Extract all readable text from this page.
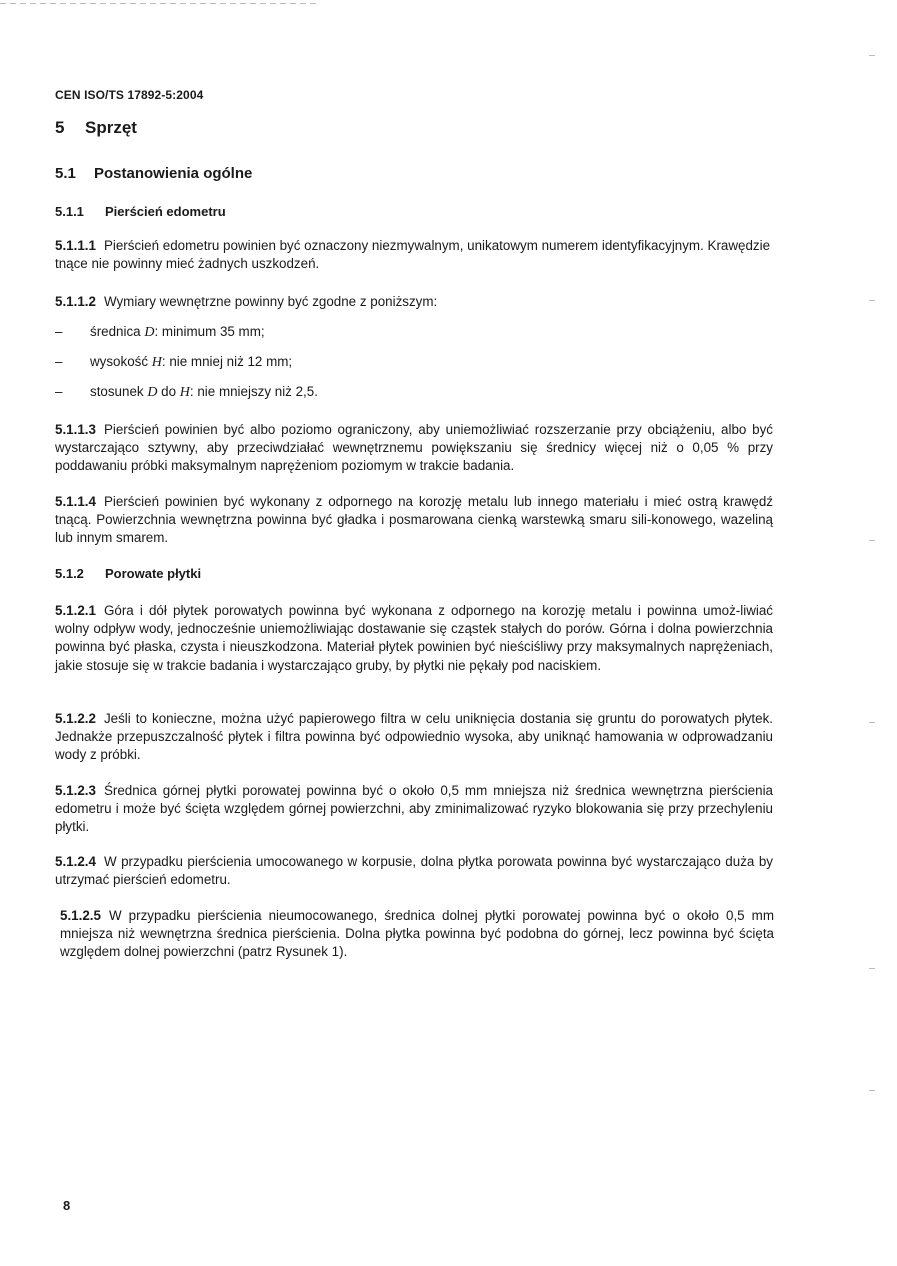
CEN ISO/TS 17892-5:2004
5 Sprzęt
5.1 Postanowienia ogólne
5.1.1 Pierścień edometru
5.1.1.1 Pierścień edometru powinien być oznaczony niezmywalnym, unikatowym numerem identyfikacyjnym. Krawędzie tnące nie powinny mieć żadnych uszkodzeń.
5.1.1.2 Wymiary wewnętrzne powinny być zgodne z poniższym:
– średnica D: minimum 35 mm;
– wysokość H: nie mniej niż 12 mm;
– stosunek D do H: nie mniejszy niż 2,5.
5.1.1.3 Pierścień powinien być albo poziomo ograniczony, aby uniemożliwiać rozszerzanie przy obciążeniu, albo być wystarczająco sztywny, aby przeciwdziałać wewnętrznemu powiększaniu się średnicy więcej niż o 0,05 % przy poddawaniu próbki maksymalnym naprężeniom poziomym w trakcie badania.
5.1.1.4 Pierścień powinien być wykonany z odpornego na korozję metalu lub innego materiału i mieć ostrą krawędź tnącą. Powierzchnia wewnętrzna powinna być gładka i posmarowana cienką warstewką smaru sili-konowego, wazeliną lub innym smarem.
5.1.2 Porowate płytki
5.1.2.1 Góra i dół płytek porowatych powinna być wykonana z odpornego na korozję metalu i powinna umoż-liwiać wolny odpływ wody, jednocześnie uniemożliwiając dostawanie się cząstek stałych do porów. Górna i dolna powierzchnia powinna być płaska, czysta i nieuszkodzona. Materiał płytek powinien być nieściśliwy przy maksymalnych naprężeniach, jakie stosuje się w trakcie badania i wystarczająco gruby, by płytki nie pękały pod naciskiem.
5.1.2.2 Jeśli to konieczne, można użyć papierowego filtra w celu uniknięcia dostania się gruntu do porowatych płytek. Jednakże przepuszczalność płytek i filtra powinna być odpowiednio wysoka, aby uniknąć hamowania w odprowadzaniu wody z próbki.
5.1.2.3 Średnica górnej płytki porowatej powinna być o około 0,5 mm mniejsza niż średnica wewnętrzna pierścienia edometru i może być ścięta względem górnej powierzchni, aby zminimalizować ryzyko blokowania się przy przechyleniu płytki.
5.1.2.4 W przypadku pierścienia umocowanego w korpusie, dolna płytka porowata powinna być wystarczająco duża by utrzymać pierścień edometru.
5.1.2.5 W przypadku pierścienia nieumocowanego, średnica dolnej płytki porowatej powinna być o około 0,5 mm mniejsza niż wewnętrzna średnica pierścienia. Dolna płytka powinna być podobna do górnej, lecz powinna być ścięta względem dolnej powierzchni (patrz Rysunek 1).
8
